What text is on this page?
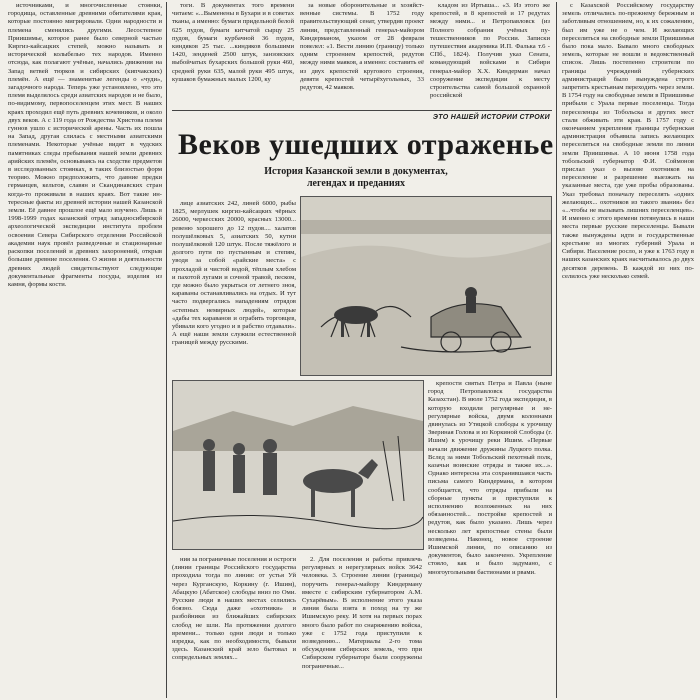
источниками, и многочисленные стоянки, городища, оставленные древними обитателями края, которые постоянно мигрировали. Одни народности и племена сменялись другими. Лесостепное Приишимье, которое ранее было северной частью Киргиз-кайсацких степей, можно называть и исторической колыбелью тех народов. Именно отсюда, как полагают учёные, начались движения на Запад ветвей тюрков и сибирских (кипчакских) племён. А ещё — знаменитые легенды о «чуди», загадочного народа. Теперь уже установлено, что это племя выделялось среди азиатских народов и не было, по-видимому, первопоселенцем этих мест. В наших краях проходил ещё путь древних кочевников, и около двух веков. А с 119 года от Рождества Христова племя гуннов ушло с исторической арены. Часть их пошла на Запад, другая слилась с местными азиатскими племенами. Некоторые учёные видят в чудских памятниках следы пребывания нашей земли древних арийских племён, основываясь на сходстве предметов в исследованных стоянках, в таких близостью форм теорию. Можно предположить, что давние предки германцев, кельтов, славян и Скандинавских стран когда-то проживали в наших краях. Вот такие интересные факты из древней истории нашей Казанской земли. Её давнее прошлое ещё мало изучено. Лишь в 1998-1999 годах казанский отряд западносибирской археологической экспедиции института проблем освоения Севера Сибирского отделения Российской академии наук провёл разведочные и стационарные раскопки поселений и древних захоронений, открыв большие древние поселения. О жизни и деятельности древних людей свидетельствуют следующие документальные фрагменты посуды, изделия из камня, формы кости.

тоги. В документах того времени читаем: «...Выменены в Бухари и в советах тканы, а именно: бумаги придельной белой 625 пудов, бумаги китчатой сырцу 25 пудов, бумаги курбачной 36 пудов, киндяков 25 тыс. ...киндяков большими 1420, зенденей 2500 штук, занзовских выбойчатых бухарских большой руки 460, средней руки 635, малой руки 495 штук, кушаков бумажных малых 1200, ку

за новые оборонительные и хозяйственные системы. В 1752 году правительствующий сенат, утвердив проект линии, представленный генерал-майором Киндерманом, указом от 28 февраля повелел: «1. Вести линию (границу) только одним строением крепостей, редутов между ними маяков, а именно: составить её из двух крепостей кругового строения, девяти крепостей четырёхугольных, 33 редутов, 42 маяков.

кладом из Иртыша... «3. Из этого же крепостей, в 8 крепостей и 17 редутах между ними... и Петропавловск (из Полного собрания учёных путешественников по России. Записки путешествия академика И.П. Фалька т.6 - СПб., 1824). Получив указ Сената, командующий войсками в Сибири генерал-майор Х.Х. Киндерман начал сооружение экспедиции к месту строительства самой большой охранной российской

с Казахской Российскому государству земель отличались по-прежнему бережным и заботливым отношением, но, к их сожалению, был им уже не о чем. И желающих переселиться на свободные земли Приишимья было пока мало. Бывало много свободных земель, которые не вошли в ведомственный список. Лишь постепенно строители по границы учреждений губернских администраций было вынуждена строго запретить крестьянам переходить через земли. В 1754 году на свободные земли в Приишимье прибыли с Урала первые поселенцы. Тогда переселенцы из Тобольска и других мест стали обживать эти края. В 1757 году с окончанием укрепления границы губернская администрация объявила запись желающих переселиться на свободные земли по линии земли Приишимья. А 10 июня 1758 года тобольский губернатор Ф.И. Соймонов прислал указ о вызове охотников на переселение и разрешение выезжать на указанные места, где уже пробы образованы. Указ требовал поначалу переселять «одних желающих... охотников из такого звания» без «...чтобы не вызывать лишних переселенцев». И именно с этого времени потянулись в наши места первые русские переселенцы. Бывали также вынуждены идти и государственные крестьяне из многих губерний Урала и Сибири. Население росло, и уже к 1763 году в наших казанских краях насчитывалось до двух десятков деревень. В каждой из них поселилось уже несколько семей.

ЭТО НАШЕЙ ИСТОРИИ СТРОКИ
Веков ушедших отраженье
История Казанской земли в документах,
легендах и преданиях

лице азиатских 242, линей 6000, рыбы 1825, мерлушек киргиз-кайсацких чёрных 26000, черкесских 20000, красных 13000... ревеню хорошего до 12 пудов.... халатов полушёлковых 5, азиатских 50, кутни полушёлковой 120 штук. После тяжёлого и долгого пути по пустынным и степям, уводя за собой «райские места» с прохладой и чистой водой, тёплым хлебом и пахотой лугами и сочной травой, песком, где можно было укрыться от летнего зноя, караваны останавливались на отдых. И тут часто подвергались нападениям отрядов «степных немирных людей», которые «дабы тех караванов и ограбить торговцев, убивали кого угодно и в рабство отдавали». А ещё наши земли служили естественной границей между русскими.

ния за пограничные поселения и остроги (линии границы Российского государства проходила тогда по линии: от устья Уй через Курганскую, Коркину (г. Ишим), Абацкую (Абатское) слободы вниз по Оми. Русские люди в наших местах селились боязно. Сюда даже «охотники» и разбойники из ближайших сибирских слобод не шли. На протяжении долгого времени... только одни люди и только изредка, как по необходимости, бывали здесь. Казанский край зело бытовал и сопредельных землях...

2. Для поселения и работы привлечь регулярных и нерегулярных войск 3642 человека. 3. Строение линии (границы) поручить генерал-майору Киндерману вместе с сибирским губернатором А.М. Сухарёвым». В исполнение этого указа линия была взята в поход на ту же Ишимскую реку. И хотя на первых порах много было работ по снаряжению войска, уже с 1752 года приступили к возведению... Материалы 2-го тома обсуждения сибирских земель, что при Сибирском губернаторе были сооружены пограничные...

крепости святых Петра и Павла (ныне город Петропавловск государства Казахстан). В июле 1752 года экспедиция, в которую входили регулярные и нерегулярные войска, двумя колоннами двинулась из Утяцкой слободы к урочищу Звериная Голова и из Коркиной Слободы (г. Ишим) к урочищу реки Ишим. «Первые начали движение дружины Луцкого полка. Вслед за ними Тобольский пехотный полк, казачьи воинские отряды и также их...». Однако интересна эта сохранившаяся часть письма самого Киндермана, в котором сообщается, что отряды прибыли на сборные пункты и приступили к исполнению возложенных на них обязанностей... постройке крепостей и редутов, как было указано. Лишь через несколько лет крепостные стены были возведены. Наконец, новое строение Ишимской линии, по описанию из документов, было закончено. Укрепление стояло, как и было задумано, с многоугольными бастионами и рвами.
